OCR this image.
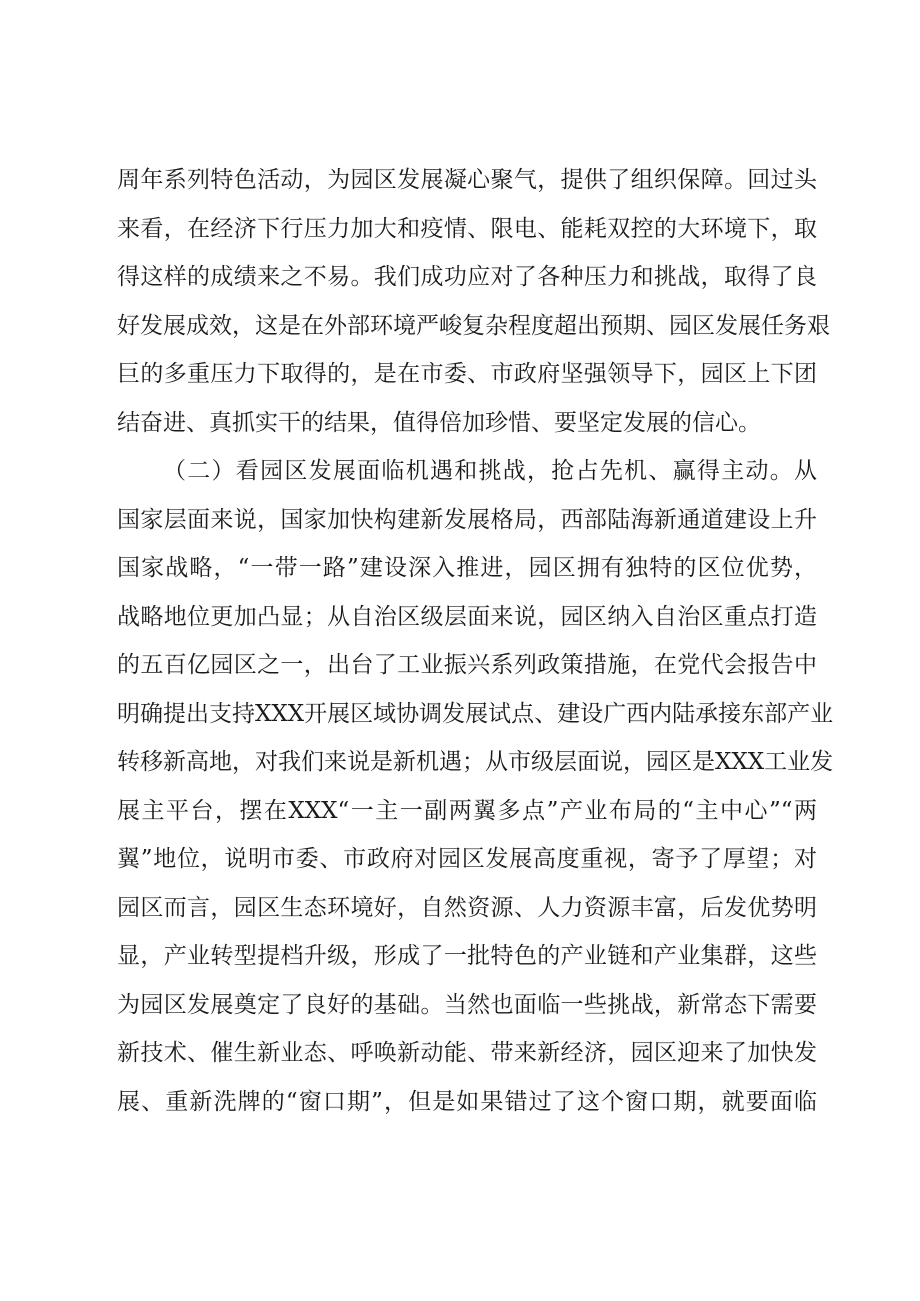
周年系列特色活动，为园区发展凝心聚气，提供了组织保障。回过头
来看，在经济下行压力加大和疫情、限电、能耗双控的大环境下，取
得这样的成绩来之不易。我们成功应对了各种压力和挑战，取得了良
好发展成效，这是在外部环境严峻复杂程度超出预期、园区发展任务艰
巨的多重压力下取得的，是在市委、市政府坚强领导下，园区上下团
结奋进、真抓实干的结果，值得倍加珍惜、要坚定发展的信心。
（二）看园区发展面临机遇和挑战，抢占先机、赢得主动。从
国家层面来说，国家加快构建新发展格局，西部陆海新通道建设上升
国家战略，“一带一路”建设深入推进，园区拥有独特的区位优势，
战略地位更加凸显；从自治区级层面来说，园区纳入自治区重点打造
的五百亿园区之一，出台了工业振兴系列政策措施，在党代会报告中
明确提出支持XXX开展区域协调发展试点、建设广西内陆承接东部产业
转移新高地，对我们来说是新机遇；从市级层面说，园区是XXX工业发
展主平台，摆在XXX“一主一副两翼多点”产业布局的“主中心”“两
翼”地位，说明市委、市政府对园区发展高度重视，寄予了厚望；对
园区而言，园区生态环境好，自然资源、人力资源丰富，后发优势明
显，产业转型提档升级，形成了一批特色的产业链和产业集群，这些
为园区发展奠定了良好的基础。当然也面临一些挑战，新常态下需要
新技术、催生新业态、呼唤新动能、带来新经济，园区迎来了加快发
展、重新洗牌的“窗口期”，但是如果错过了这个窗口期，就要面临
